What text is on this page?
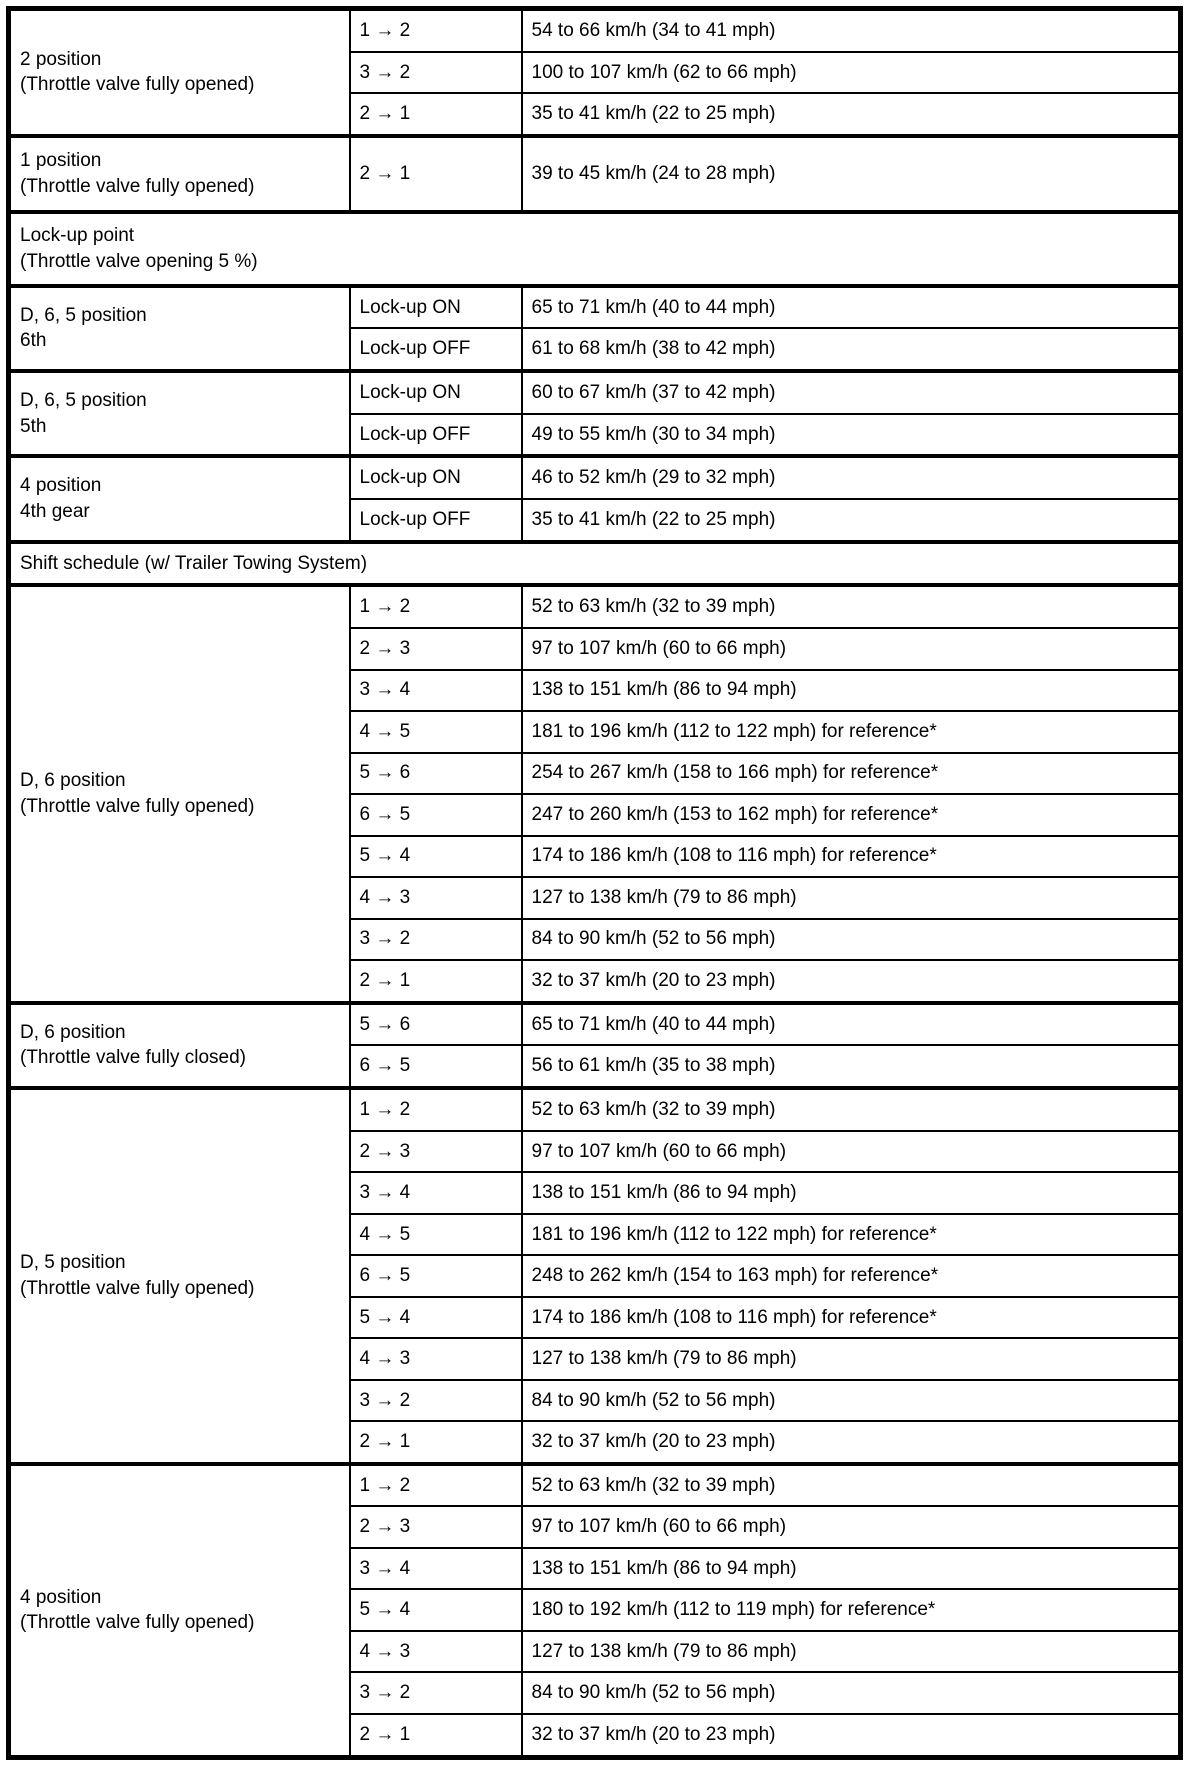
2 position
(Throttle valve fully opened)	1 → 2	54 to 66 km/h (34 to 41 mph)
	3 → 2	100 to 107 km/h (62 to 66 mph)
	2 → 1	35 to 41 km/h (22 to 25 mph)

1 position
(Throttle valve fully opened)	2 → 1	39 to 45 km/h (24 to 28 mph)

Lock-up point
(Throttle valve opening 5 %)		

D, 6, 5 position
6th	Lock-up ON	65 to 71 km/h (40 to 44 mph)
	Lock-up OFF	61 to 68 km/h (38 to 42 mph)

D, 6, 5 position
5th	Lock-up ON	60 to 67 km/h (37 to 42 mph)
	Lock-up OFF	49 to 55 km/h (30 to 34 mph)

4 position
4th gear	Lock-up ON	46 to 52 km/h (29 to 32 mph)
	Lock-up OFF	35 to 41 km/h (22 to 25 mph)

Shift schedule (w/ Trailer Towing System)		

D, 6 position
(Throttle valve fully opened)	1 → 2	52 to 63 km/h (32 to 39 mph)
	2 → 3	97 to 107 km/h (60 to 66 mph)
	3 → 4	138 to 151 km/h (86 to 94 mph)
	4 → 5	181 to 196 km/h (112 to 122 mph) for reference*
	5 → 6	254 to 267 km/h (158 to 166 mph) for reference*
	6 → 5	247 to 260 km/h (153 to 162 mph) for reference*
	5 → 4	174 to 186 km/h (108 to 116 mph) for reference*
	4 → 3	127 to 138 km/h (79 to 86 mph)
	3 → 2	84 to 90 km/h (52 to 56 mph)
	2 → 1	32 to 37 km/h (20 to 23 mph)

D, 6 position
(Throttle valve fully closed)	5 → 6	65 to 71 km/h (40 to 44 mph)
	6 → 5	56 to 61 km/h (35 to 38 mph)

D, 5 position
(Throttle valve fully opened)	1 → 2	52 to 63 km/h (32 to 39 mph)
	2 → 3	97 to 107 km/h (60 to 66 mph)
	3 → 4	138 to 151 km/h (86 to 94 mph)
	4 → 5	181 to 196 km/h (112 to 122 mph) for reference*
	6 → 5	248 to 262 km/h (154 to 163 mph) for reference*
	5 → 4	174 to 186 km/h (108 to 116 mph) for reference*
	4 → 3	127 to 138 km/h (79 to 86 mph)
	3 → 2	84 to 90 km/h (52 to 56 mph)
	2 → 1	32 to 37 km/h (20 to 23 mph)

4 position
(Throttle valve fully opened)	1 → 2	52 to 63 km/h (32 to 39 mph)
	2 → 3	97 to 107 km/h (60 to 66 mph)
	3 → 4	138 to 151 km/h (86 to 94 mph)
	5 → 4	180 to 192 km/h (112 to 119 mph) for reference*
	4 → 3	127 to 138 km/h (79 to 86 mph)
	3 → 2	84 to 90 km/h (52 to 56 mph)
	2 → 1	32 to 37 km/h (20 to 23 mph)
